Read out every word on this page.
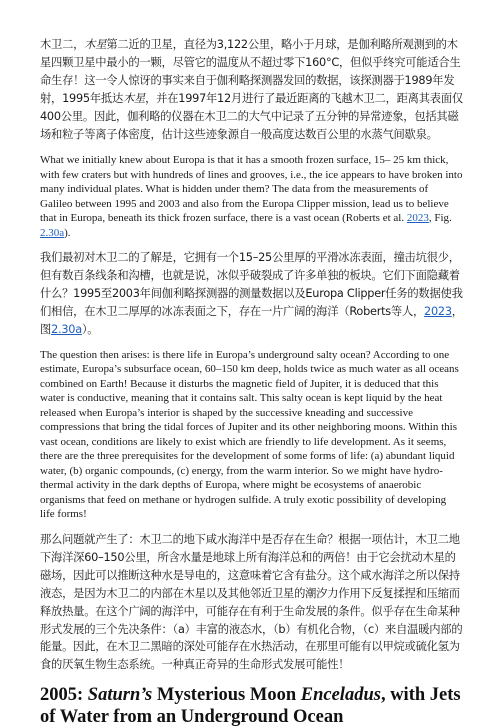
木卫二，木星第二近的卫星，直径为3,122公里，略小于月球，是伽利略所观测到的木星四颗卫星中最小的一颗，尽管它的温度从不超过零下160°C，但似乎终究可能适合生命生存！这一令人惊讶的事实来自于伽利略探测器发回的数据，该探测器于1989年发射，1995年抵达木星，并在1997年12月进行了最近距离的飞越木卫二，距离其表面仅400公里。因此，伽利略的仪器在木卫二的大气中记录了五分钟的异常迹象，包括其磁场和粒子等离子体密度，估计这些迹象源自一般高度达数百公里的水蒸气间歇泉。

What we initially knew about Europa is that it has a smooth frozen surface, 15– 25 km thick, with few craters but with hundreds of lines and grooves, i.e., the ice appears to have broken into many individual plates. What is hidden under them? The data from the measurements of Galileo between 1995 and 2003 and also from the Europa Clipper mission, lead us to believe that in Europa, beneath its thick frozen surface, there is a vast ocean (Roberts et al. 2023, Fig. 2.30a).

我们最初对木卫二的了解是，它拥有一个15–25公里厚的平滑冰冻表面，撞击坑很少，但有数百条线条和沟槽，也就是说，冰似乎破裂成了许多单独的板块。它们下面隐藏着什么？1995至2003年间伽利略探测器的测量数据以及Europa Clipper任务的数据使我们相信，在木卫二厚厚的冰冻表面之下，存在一片广阔的海洋（Roberts等人，2023，图2.30a）。

The question then arises: is there life in Europa’s underground salty ocean? According to one estimate, Europa’s subsurface ocean, 60–150 km deep, holds twice as much water as all oceans combined on Earth! Because it disturbs the magnetic field of Jupiter, it is deduced that this water is conductive, meaning that it contains salt. This salty ocean is kept liquid by the heat released when Europa’s interior is shaped by the successive kneading and successive compressions that bring the tidal forces of Jupiter and its other neighboring moons. Within this vast ocean, conditions are likely to exist which are friendly to life development. As it seems, there are the three prerequisites for the development of some forms of life: (a) abundant liquid water, (b) organic compounds, (c) energy, from the warm interior. So we might have hydro-thermal activity in the dark depths of Europa, where might be ecosystems of anaerobic organisms that feed on methane or hydrogen sulfide. A truly exotic possibility of developing life forms!

那么问题就产生了：木卫二的地下咸水海洋中是否存在生命？根据一项估计，木卫二地下海洋深60–150公里，所含水量是地球上所有海洋总和的两倍！由于它会扰动木星的磁场，因此可以推断这种水是导电的，这意味着它含有盐分。这个咸水海洋之所以保持液态，是因为木卫二的内部在木星以及其他邻近卫星的潮汐力作用下反复揉捏和压缩而释放热量。在这个广阔的海洋中，可能存在有利于生命发展的条件。似乎存在生命某种形式发展的三个先决条件：（a）丰富的液态水，（b）有机化合物，（c）来自温暖内部的能量。因此，在木卫二黑暗的深处可能存在水热活动，在那里可能有以甲烷或硫化氢为食的厌氧生物生态系统。一种真正奇异的生命形式发展可能性！

2005: Saturn’s Mysterious Moon Enceladus, with Jets of Water from an Underground Ocean
